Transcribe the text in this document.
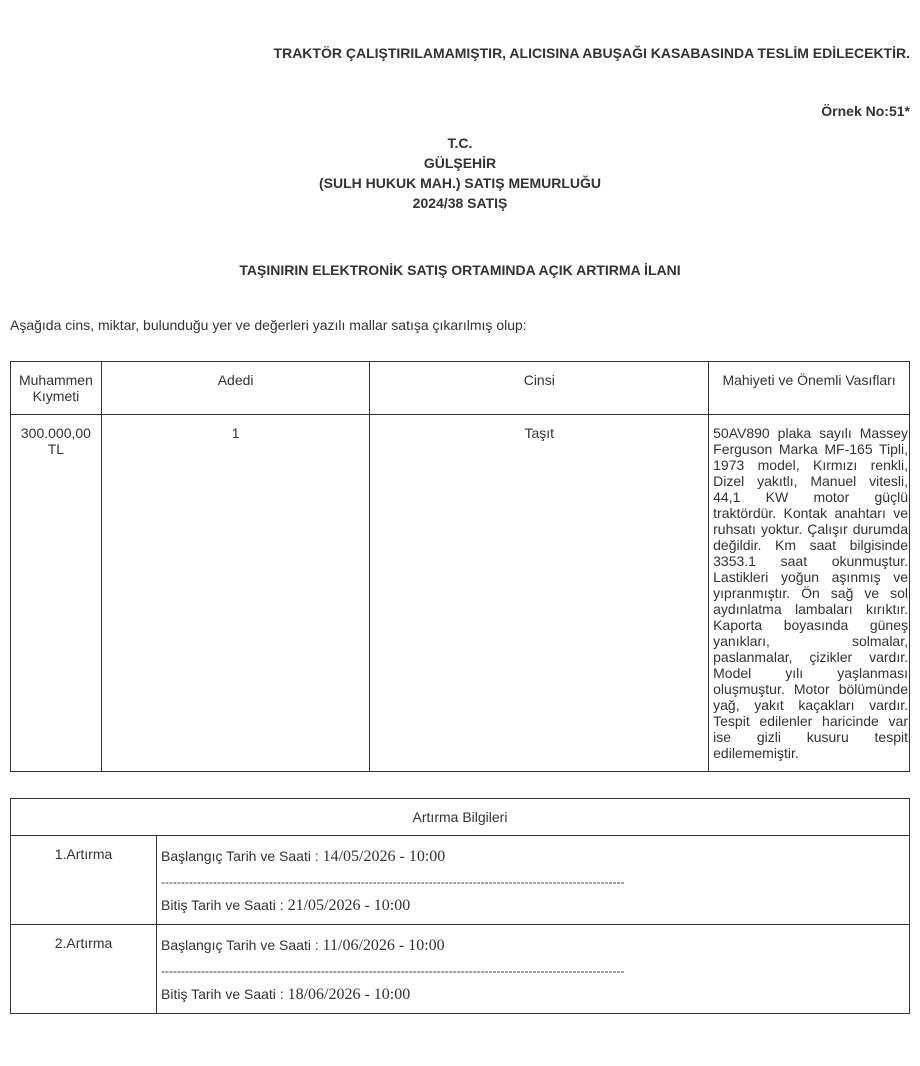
TRAKTÖR ÇALIŞTIRILAMAMIŞTIR, ALICISINA ABUŞAĞI KASABASINDA TESLİM EDİLECEKTİR.
Örnek No:51*
T.C.
GÜLŞEHİR
(SULH HUKUK MAH.) SATIŞ MEMURLUĞU
2024/38 SATIŞ
TAŞINIRIN ELEKTRONİK SATIŞ ORTAMINDA AÇIK ARTIRMA İLANI
Aşağıda cins, miktar, bulunduğu yer ve değerleri yazılı mallar satışa çıkarılmış olup:
Muhammen Kıymeti	Adedi	Cinsi	Mahiyeti ve Önemli Vasıfları
300.000,00 TL	1	Taşıt	50AV890 plaka sayılı Massey Ferguson Marka MF-165 Tipli, 1973 model, Kırmızı renkli, Dizel yakıtlı, Manuel vitesli, 44,1 KW motor güçlü traktördür. Kontak anahtarı ve ruhsatı yoktur. Çalışır durumda değildir. Km saat bilgisinde 3353.1 saat okunmuştur. Lastikleri yoğun aşınmış ve yıpranmıştır. Ön sağ ve sol aydınlatma lambaları kırıktır. Kaporta boyasında güneş yanıkları, solmalar, paslanmalar, çizikler vardır. Model yılı yaşlanması oluşmuştur. Motor bölümünde yağ, yakıt kaçakları vardır. Tespit edilenler haricinde var ise gizli kusuru tespit edilememiştir.
Artırma Bilgileri	
1.Artırma	Başlangıç Tarih ve Saati : 14/05/2026 - 10:00
--------------------------------------------------------------------------------------------------------------------
Bitiş Tarih ve Saati : 21/05/2026 - 10:00

2.Artırma	Başlangıç Tarih ve Saati : 11/06/2026 - 10:00
--------------------------------------------------------------------------------------------------------------------
Bitiş Tarih ve Saati : 18/06/2026 - 10:00
